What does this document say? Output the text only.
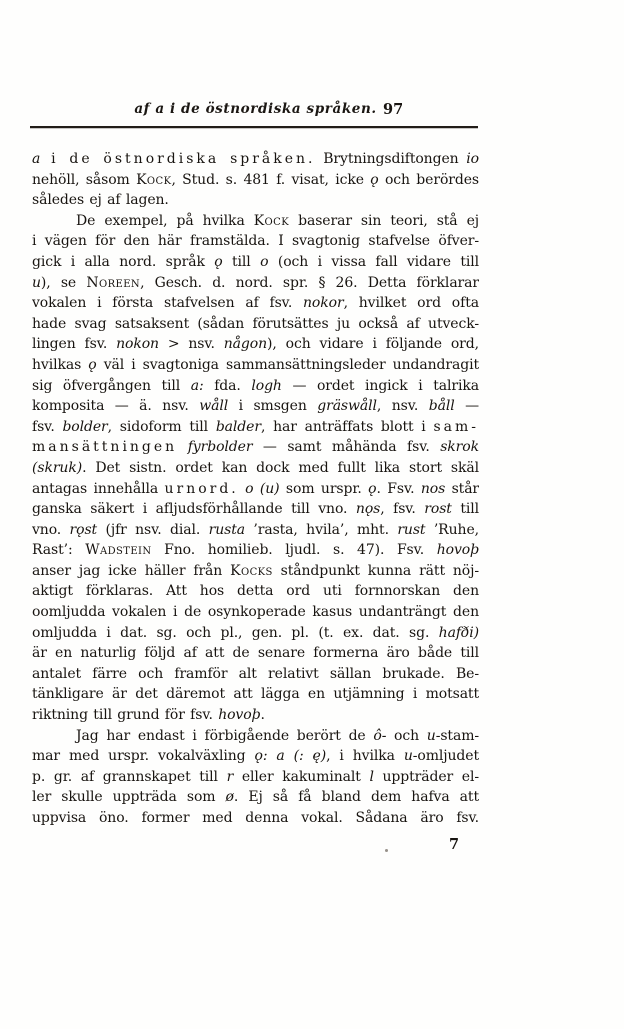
af a i de östnordiska språken. 97
a i de östnordiska språken. Brytningsdiftongen io
nehöll, såsom Kock, Stud. s. 481 f. visat, icke ǫ och berördes
således ej af lagen.
De exempel, på hvilka Kock baserar sin teori, stå ej
i vägen för den här framstälda. I svagtonig stafvelse öfver-
gick i alla nord. språk ǫ till o (och i vissa fall vidare till
u), se Noreen, Gesch. d. nord. spr. § 26. Detta förklarar
vokalen i första stafvelsen af fsv. nokor, hvilket ord ofta
hade svag satsaksent (sådan förutsättes ju också af utveck-
lingen fsv. nokon > nsv. någon), och vidare i följande ord,
hvilkas ǫ väl i svagtoniga sammansättningsleder undandragit
sig öfvergången till a: fda. logh — ordet ingick i talrika
komposita — ä. nsv. wåll i smsgen gräswåll, nsv. båll —
fsv. bolder, sidoform till balder, har anträffats blott i sam-
mansättningen fyrbolder — samt måhända fsv. skrok
(skruk). Det sistn. ordet kan dock med fullt lika stort skäl
antagas innehålla urnord. o (u) som urspr. ǫ. Fsv. nos står
ganska säkert i afljudsförhållande till vno. nǫs, fsv. rost till
vno. rǫst (jfr nsv. dial. rusta ’rasta, hvila’, mht. rust ’Ruhe,
Rast’: Wadstein Fno. homilieb. ljudl. s. 47). Fsv. hovoþ
anser jag icke häller från Kocks ståndpunkt kunna rätt nöj-
aktigt förklaras. Att hos detta ord uti fornnorskan den
oomljudda vokalen i de osynkoperade kasus undanträngt den
omljudda i dat. sg. och pl., gen. pl. (t. ex. dat. sg. hafði)
är en naturlig följd af att de senare formerna äro både till
antalet färre och framför alt relativt sällan brukade. Be-
tänkligare är det däremot att lägga en utjämning i motsatt
riktning till grund för fsv. hovoþ.
Jag har endast i förbigående berört de ô- och u-stam-
mar med urspr. vokalväxling ǫ: a (: ę), i hvilka u-omljudet
p. gr. af grannskapet till r eller kakuminalt l uppträder el-
ler skulle uppträda som ø. Ej så få bland dem hafva att
uppvisa öno. former med denna vokal. Sådana äro fsv.
7
